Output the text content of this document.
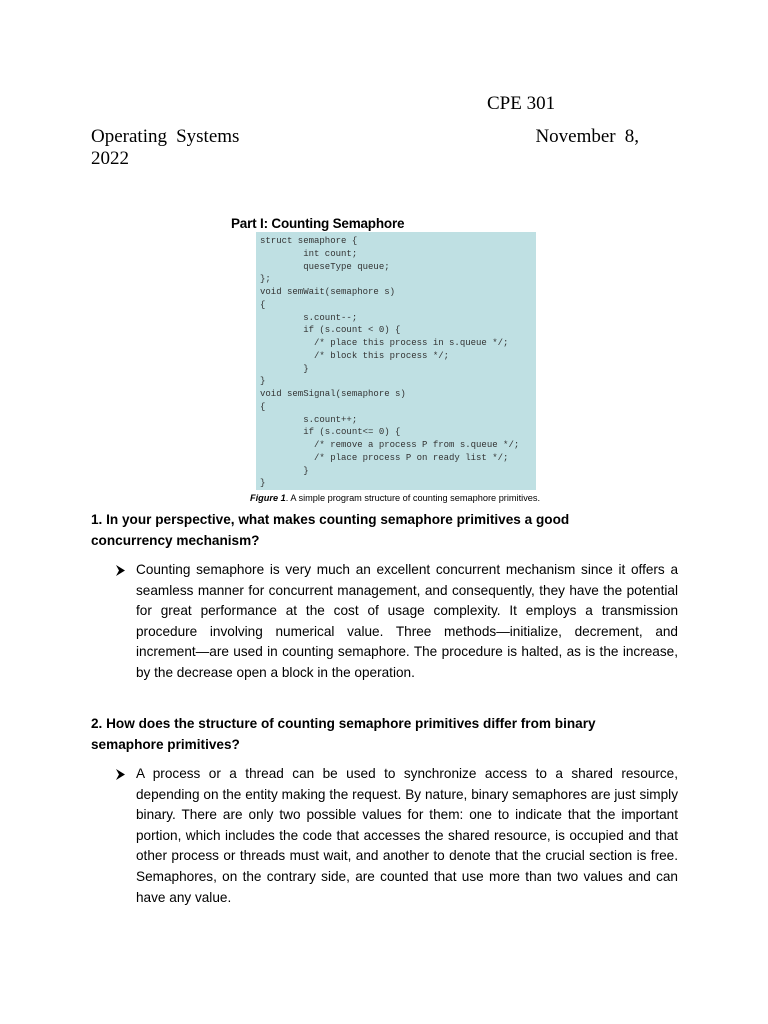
CPE 301
Operating Systems	November 8, 2022
Part I: Counting Semaphore
struct semaphore {
int count;
queseType queue;
};
void semWait(semaphore s)
{
s.count--;
if (s.count < 0) {
/* place this process in s.queue */;
/* block this process */;
}
}
void semSignal(semaphore s)
{
s.count++;
if (s.count<= 0) {
/* remove a process P from s.queue */;
/* place process P on ready list */;
}
}
Figure 1. A simple program structure of counting semaphore primitives.
1. In your perspective, what makes counting semaphore primitives a good concurrency mechanism?
Counting semaphore is very much an excellent concurrent mechanism since it offers a seamless manner for concurrent management, and consequently, they have the potential for great performance at the cost of usage complexity. It employs a transmission procedure involving numerical value. Three methods—initialize, decrement, and increment—are used in counting semaphore. The procedure is halted, as is the increase, by the decrease open a block in the operation.
2. How does the structure of counting semaphore primitives differ from binary semaphore primitives?
A process or a thread can be used to synchronize access to a shared resource, depending on the entity making the request. By nature, binary semaphores are just simply binary. There are only two possible values for them: one to indicate that the important portion, which includes the code that accesses the shared resource, is occupied and that other process or threads must wait, and another to denote that the crucial section is free. Semaphores, on the contrary side, are counted that use more than two values and can have any value.
